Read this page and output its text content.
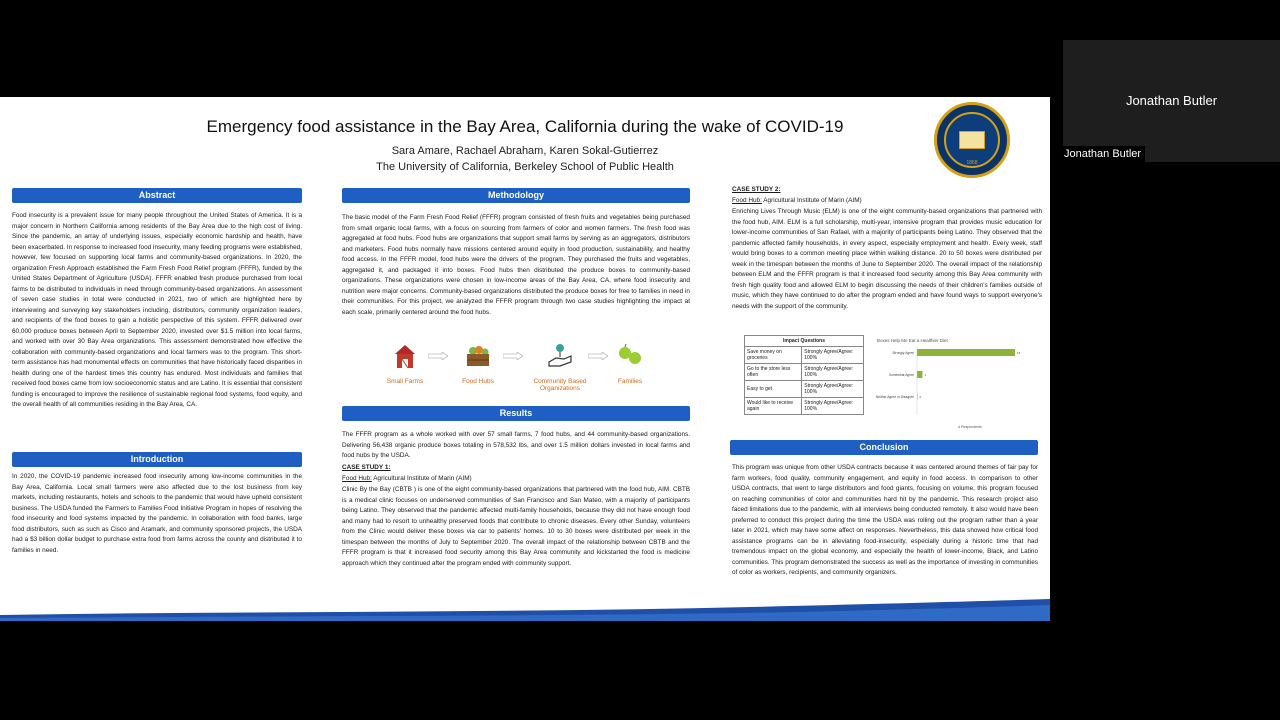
Emergency food assistance in the Bay Area, California during the wake of COVID-19
Sara Amare, Rachael Abraham, Karen Sokal-Gutierrez
The University of California, Berkeley School of Public Health	1868
Abstract
Food insecurity is a prevalent issue for many people throughout the United States of America. It is a major concern in Northern California among residents of the Bay Area due to the high cost of living. Since the pandemic, an array of underlying issues, especially economic hardship and health, have been exacerbated. In response to increased food insecurity, many feeding programs were established, however, few focused on supporting local farms and community-based organizations. In 2020, the organization Fresh Approach established the Farm Fresh Food Relief program (FFFR), funded by the United States Department of Agriculture (USDA). FFFR enabled fresh produce purchased from local farms to be distributed to individuals in need through community-based organizations. An assessment of seven case studies in total were conducted in 2021, two of which are highlighted here by interviewing and surveying key stakeholders including, distributors, community organization leaders, and recipients of the food boxes to gain a holistic perspective of this system. FFFR delivered over 60,000 produce boxes between April to September 2020, invested over $1.5 million into local farms, and worked with over 30 Bay Area organizations. This assessment demonstrated how effective the collaboration with community-based organizations and local farmers was to the program. This short-term assistance has had monumental effects on communities that have historically faced disparities in health during one of the hardest times this country has endured. Most individuals and families that received food boxes came from low socioeconomic status and are Latino. It is essential that consistent funding is encouraged to improve the resilience of sustainable regional food systems, food equity, and the overall health of all communities residing in the Bay Area, CA.
Introduction
In 2020, the COVID-19 pandemic increased food insecurity among low-income communities in the Bay Area, California. Local small farmers were also affected due to the lost business from key markets, including restaurants, hotels and schools to the pandemic that would have upheld consistent business. The USDA funded the Farmers to Families Food Initiative Program in hopes of resolving the food insecurity and food systems impacted by the pandemic. In collaboration with food banks, large food distributors, such as such as Cisco and Aramark, and community sponsored projects, the USDA had a $3 billion dollar budget to purchase extra food from farms across the county and distributed it to families in need.
Methodology
The basic model of the Farm Fresh Food Relief (FFFR) program consisted of fresh fruits and vegetables being purchased from small organic local farms, with a focus on sourcing from farmers of color and women farmers. The fresh food was aggregated at food hubs. Food hubs are organizations that support small farms by serving as an aggregators, distributors and marketers. Food hubs normally have missions centered around equity in food production, sustainability, and healthy food access. In the FFFR model, food hubs were the drivers of the program. They purchased the fruits and vegetables, aggregated it, and packaged it into boxes. Food hubs then distributed the produce boxes to community-based organizations. These organizations were chosen in low-income areas of the Bay Area, CA, where food insecurity and nutrition were major concerns. Community-based organizations distributed the produce boxes for free to families in need in their communities. For this project, we analyzed the FFFR program through two case studies highlighting the impact at each scale, primarily centered around the food hubs.
Small Farms	Food Hubs	Community Based Organizations
Families
Results
The FFFR program as a whole worked with over 57 small farms, 7 food hubs, and 44 community-based organizations. Delivering 56,438 organic produce boxes totaling in 578,532 lbs, and over 1.5 million dollars invested in local farms and food hubs by the USDA.
CASE STUDY 1:
Food Hub: Agricultural Institute of Marin (AIM)
Clinic By the Bay (CBTB ) is one of the eight community-based organizations that partnered with the food hub, AIM. CBTB is a medical clinic focuses on underserved communities of San Francisco and San Mateo, with a majority of participants being Latino. They observed that the pandemic affected multi-family households, because they did not have enough food and many had to resort to unhealthy preserved foods that contribute to chronic diseases. Every other Sunday, volunteers from the Clinic would deliver these boxes via car to patients' homes. 10 to 30 boxes were distributed per week in the timespan between the months of July to September 2020. The overall impact of the relationship between CBTB and the FFFR program is that it increased food security among this Bay Area community and kickstarted the food is medicine approach which they continued after the program ended with community support.
CASE STUDY 2:
Food Hub: Agricultural Institute of Marin (AIM)
Enriching Lives Through Music (ELM) is one of the eight community-based organizations that partnered with the food hub, AIM. ELM is a full scholarship, multi-year, intensive program that provides music education for lower-income communities of San Rafael, with a majority of participants being Latino. They observed that the pandemic affected family households, in every aspect, especially employment and health. Every week, staff would bring boxes to a common meeting place within walking distance. 20 to 50 boxes were distributed per week in the timespan between the months of June to September 2020. The overall impact of the relationship between ELM and the FFFR program is that it increased food security among this Bay Area community with fresh high quality food and allowed ELM to begin discussing the needs of their children's families outside of music, which they have continued to do after the program ended and have found ways to support everyone's needs with the support of the community.
Impact Questions	
Save money on groceries	Strongly Agree/Agree: 100%
Go to the store less often	Strongly Agree/Agree: 100%
Easy to get	Strongly Agree/Agree: 100%
Would like to receive again	Strongly Agree/Agree: 100%
Boxes Help Me Eat a Healthier Diet
# Respondents
Strongly Agree	18
Somewhat Agree	1
Neither Agree or Disagree 0
Conclusion
This program was unique from other USDA contracts because it was centered around themes of fair pay for farm workers, food quality, community engagement, and equity in food access. In comparison to other USDA contracts, that went to large distributors and food giants, focusing on volume, this program focused on reaching communities of color and communities hard hit by the pandemic. This research project also faced limitations due to the pandemic, with all interviews being conducted remotely. It also would have been preferred to conduct this project during the time the USDA was rolling out the program rather than a year later in 2021, which may have some affect on responses. Nevertheless, this data showed how critical food assistance programs can be in alleviating food-insecurity, especially during a historic time that had tremendous impact on the global economy, and especially the health of lower-income, Black, and Latino communities. This program demonstrated the success as well as the importance of investing in communities of color as workers, recipients, and community organizers.
Jonathan Butler
Jonathan Butler
